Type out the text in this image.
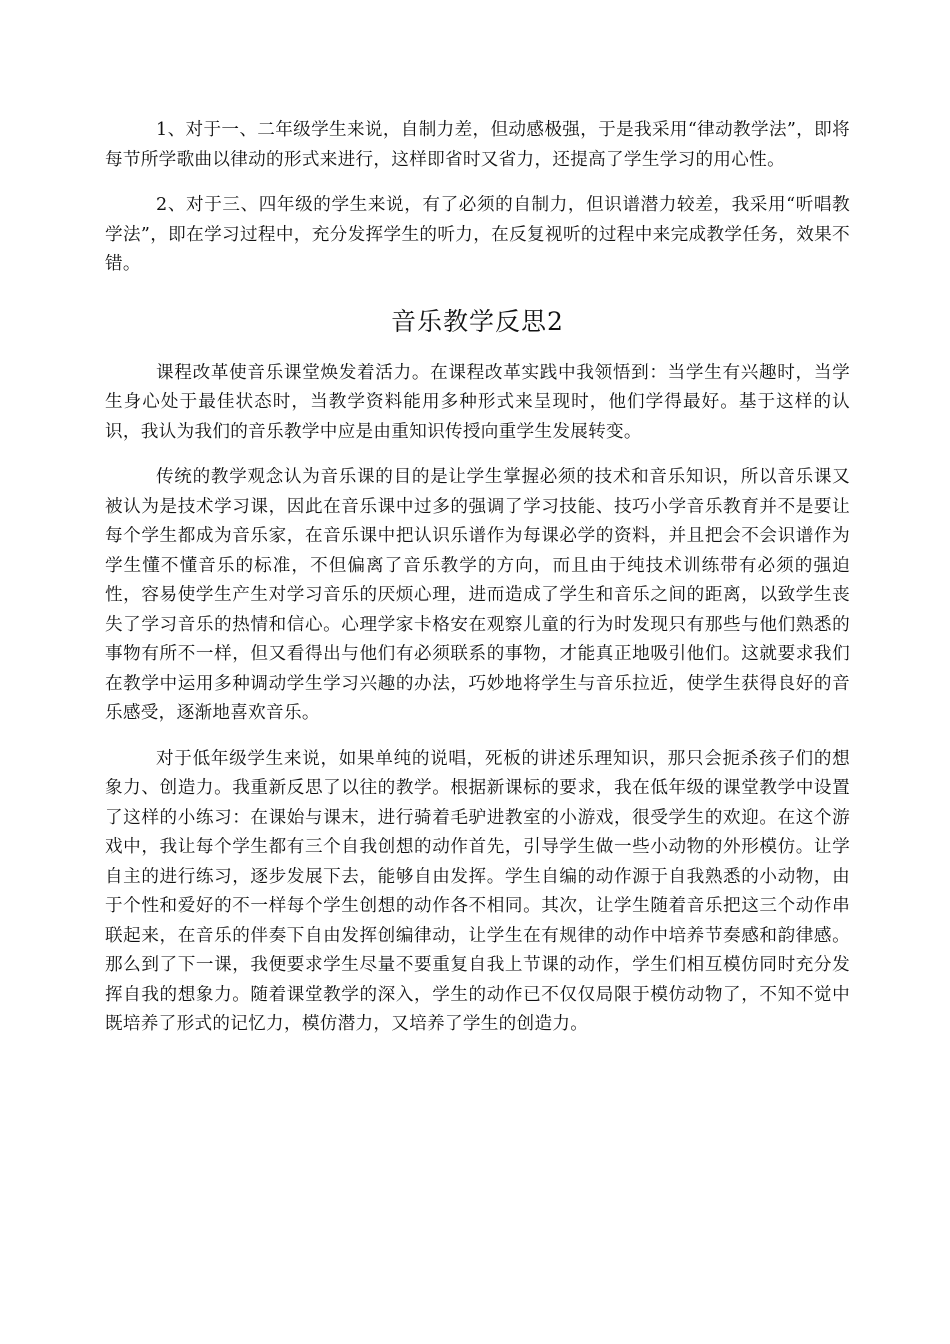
1、对于一、二年级学生来说，自制力差，但动感极强，于是我采用“律动教学法”，即将每节所学歌曲以律动的形式来进行，这样即省时又省力，还提高了学生学习的用心性。

2、对于三、四年级的学生来说，有了必须的自制力，但识谱潜力较差，我采用“听唱教学法”，即在学习过程中，充分发挥学生的听力，在反复视听的过程中来完成教学任务，效果不错。

音乐教学反思2

课程改革使音乐课堂焕发着活力。在课程改革实践中我领悟到：当学生有兴趣时，当学生身心处于最佳状态时，当教学资料能用多种形式来呈现时，他们学得最好。基于这样的认识，我认为我们的音乐教学中应是由重知识传授向重学生发展转变。

传统的教学观念认为音乐课的目的是让学生掌握必须的技术和音乐知识，所以音乐课又被认为是技术学习课，因此在音乐课中过多的强调了学习技能、技巧小学音乐教育并不是要让每个学生都成为音乐家，在音乐课中把认识乐谱作为每课必学的资料，并且把会不会识谱作为学生懂不懂音乐的标准，不但偏离了音乐教学的方向，而且由于纯技术训练带有必须的强迫性，容易使学生产生对学习音乐的厌烦心理，进而造成了学生和音乐之间的距离，以致学生丧失了学习音乐的热情和信心。心理学家卡格安在观察儿童的行为时发现只有那些与他们熟悉的事物有所不一样，但又看得出与他们有必须联系的事物，才能真正地吸引他们。这就要求我们在教学中运用多种调动学生学习兴趣的办法，巧妙地将学生与音乐拉近，使学生获得良好的音乐感受，逐渐地喜欢音乐。

对于低年级学生来说，如果单纯的说唱，死板的讲述乐理知识，那只会扼杀孩子们的想象力、创造力。我重新反思了以往的教学。根据新课标的要求，我在低年级的课堂教学中设置了这样的小练习：在课始与课末，进行骑着毛驴进教室的小游戏，很受学生的欢迎。在这个游戏中，我让每个学生都有三个自我创想的动作首先，引导学生做一些小动物的外形模仿。让学自主的进行练习，逐步发展下去，能够自由发挥。学生自编的动作源于自我熟悉的小动物，由于个性和爱好的不一样每个学生创想的动作各不相同。其次，让学生随着音乐把这三个动作串联起来，在音乐的伴奏下自由发挥创编律动，让学生在有规律的动作中培养节奏感和韵律感。那么到了下一课，我便要求学生尽量不要重复自我上节课的动作，学生们相互模仿同时充分发挥自我的想象力。随着课堂教学的深入，学生的动作已不仅仅局限于模仿动物了，不知不觉中既培养了形式的记忆力，模仿潜力，又培养了学生的创造力。
